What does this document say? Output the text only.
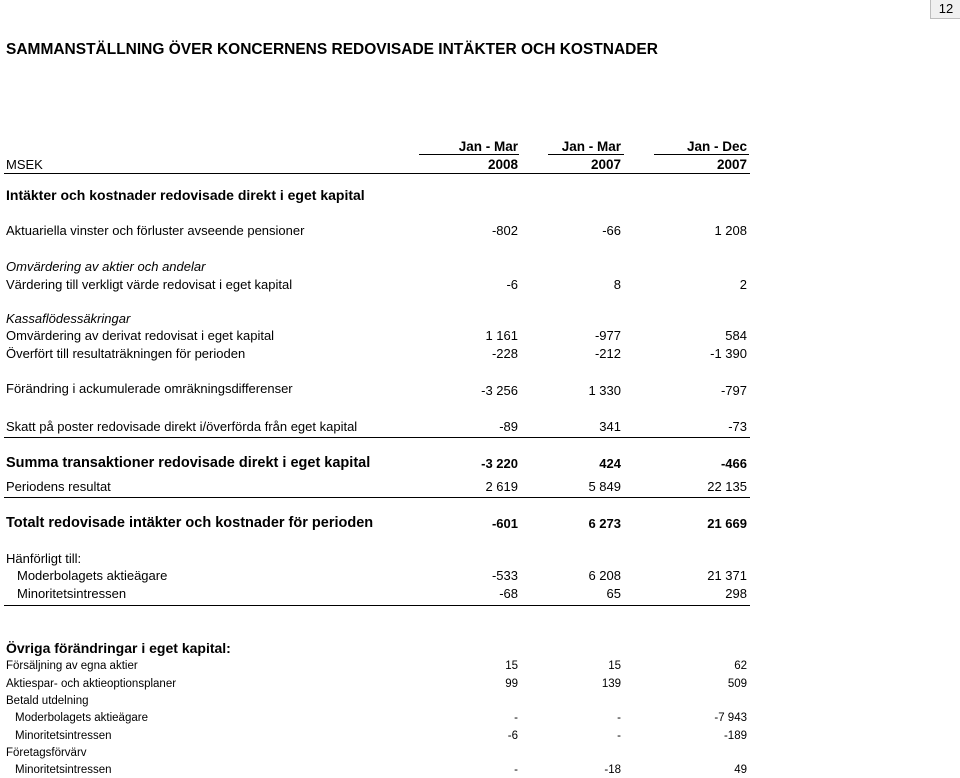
12
SAMMANSTÄLLNING ÖVER KONCERNENS REDOVISADE INTÄKTER OCH KOSTNADER
Jan - Mar	Jan - Mar	Jan - Dec
MSEK	2008	2007	2007
Intäkter och kostnader redovisade direkt i eget kapital
Aktuariella vinster och förluster avseende pensioner	-802	-66	1 208
Omvärdering av aktier och andelar
Värdering till verkligt värde redovisat i eget kapital	-6	8	2
Kassaflödessäkringar
Omvärdering av derivat redovisat i eget kapital	1 161	-977	584
Överfört till resultaträkningen för perioden	-228	-212	-1 390
Förändring i ackumulerade omräkningsdifferenser	-3 256	1 330	-797
Skatt på poster redovisade direkt i/överförda från eget kapital	-89	341	-73
Summa transaktioner redovisade direkt i eget kapital	-3 220	424	-466
Periodens resultat	2 619	5 849	22 135
Totalt redovisade intäkter och kostnader för perioden	-601	6 273	21 669
Hänförligt till:
Moderbolagets aktieägare	-533	6 208	21 371
Minoritetsintressen	-68	65	298
Övriga förändringar i eget kapital:
Försäljning av egna aktier	15	15	62
Aktiespar- och aktieoptionsplaner	99	139	509
Betald utdelning
Moderbolagets aktieägare	-	-	-7 943
Minoritetsintressen	-6	-	-189
Företagsförvärv
Minoritetsintressen	-	-18	49
